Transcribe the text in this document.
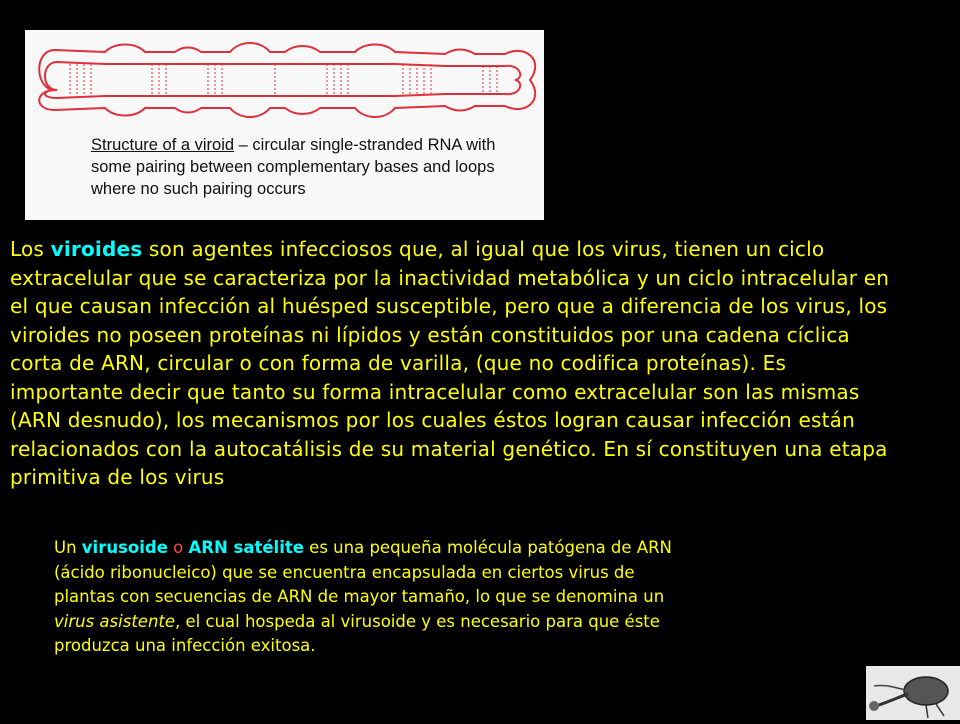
Structure of a viroid – circular single-stranded RNA with some pairing between complementary bases and loops where no such pairing occurs
Los viroides son agentes infecciosos que, al igual que los virus, tienen un ciclo extracelular que se caracteriza por la inactividad metabólica y un ciclo intracelular en el que causan infección al huésped susceptible, pero que a diferencia de los virus, los viroides no poseen proteínas ni lípidos y están constituidos por una cadena cíclica corta de ARN, circular o con forma de varilla, (que no codifica proteínas). Es importante decir que tanto su forma intracelular como extracelular son las mismas (ARN desnudo), los mecanismos por los cuales éstos logran causar infección están relacionados con la autocatálisis de su material genético. En sí constituyen una etapa primitiva de los virus
Un virusoide o ARN satélite es una pequeña molécula patógena de ARN (ácido ribonucleico) que se encuentra encapsulada en ciertos virus de plantas con secuencias de ARN de mayor tamaño, lo que se denomina un virus asistente, el cual hospeda al virusoide y es necesario para que éste produzca una infección exitosa.
